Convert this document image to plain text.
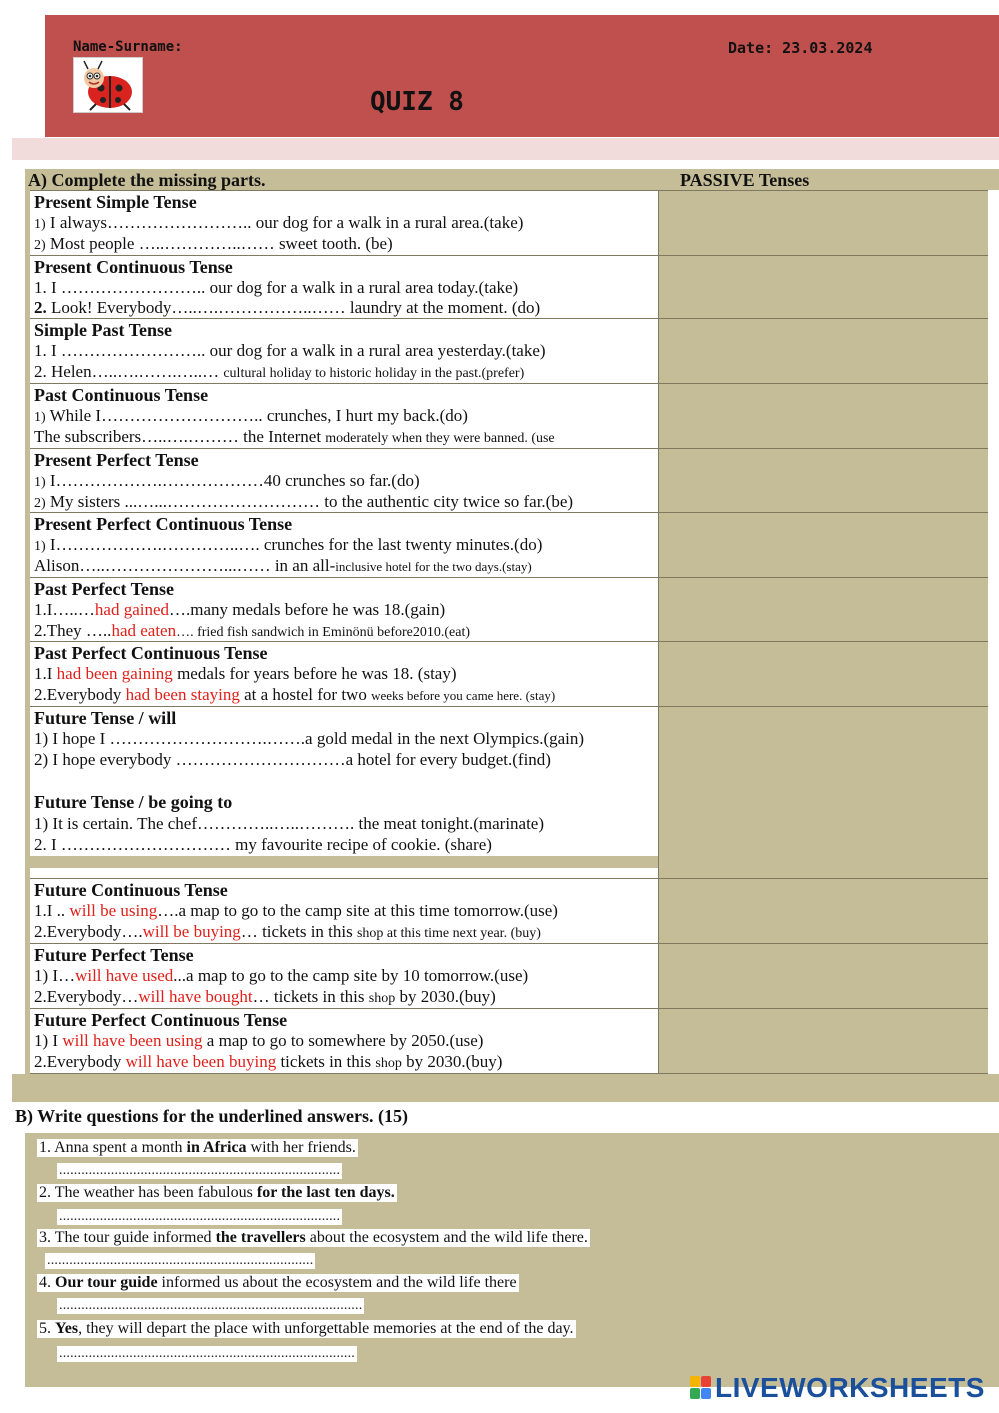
Name-Surname:	Date: 23.03.2024
QUIZ 8
A) Complete the missing parts.	PASSIVE Tenses
Present Simple Tense
1) I always…………………….. our dog for a walk in a rural area.(take)
2) Most people …..…………..…… sweet tooth. (be)
Present Continuous Tense
1. I …………………….. our dog for a walk in a rural area today.(take)
2. Look! Everybody…..….……………..…… laundry at the moment. (do)
Simple Past Tense
1. I …………………….. our dog for a walk in a rural area yesterday.(take)
2. Helen…..….…….…..… cultural holiday to historic holiday in the past.(prefer)
Past Continuous Tense
1) While I……………………….. crunches, I hurt my back.(do)
The subscribers…..….……… the Internet moderately when they were banned. (use
Present Perfect Tense
1) I……………….………………40 crunches so far.(do)
2) My sisters ...…...……………………… to the authentic city twice so far.(be)
Present Perfect Continuous Tense
1) I……………….…………..…. crunches for the last twenty minutes.(do)
Alison…..…………………...…… in an all-inclusive hotel for the two days.(stay)
Past Perfect Tense
1.I…..…had gained….many medals before he was 18.(gain)
2.They …..had eaten…. fried fish sandwich in Eminönü before2010.(eat)
Past Perfect Continuous Tense
1.I had been gaining medals for years before he was 18. (stay)
2.Everybody had been staying at a hostel for two weeks before you came here. (stay)
Future Tense / will
1) I hope I ……………………….…….a gold medal in the next Olympics.(gain)
2) I hope everybody …………………………a hotel for every budget.(find)
Future Tense / be going to
1) It is certain. The chef…………..…..………. the meat tonight.(marinate)
2. I ………………………… my favourite recipe of cookie. (share)
Future Continuous Tense
1.I .. will be using….a map to go to the camp site at this time tomorrow.(use)
2.Everybody….will be buying… tickets in this shop at this time next year. (buy)
Future Perfect Tense
1) I…will have used...a map to go to the camp site by 10 tomorrow.(use)
2.Everybody…will have bought… tickets in this shop by 2030.(buy)
Future Perfect Continuous Tense
1) I will have been using a map to go to somewhere by 2050.(use)
2.Everybody will have been buying tickets in this shop by 2030.(buy)
B) Write questions for the underlined answers. (15)
1. Anna spent a month in Africa with her friends.
............................................................................
2. The weather has been fabulous for the last ten days.
............................................................................
3. The tour guide informed the travellers about the ecosystem and the wild life there.
........................................................................
4. Our tour guide informed us about the ecosystem and the wild life there
..................................................................................
5. Yes, they will depart the place with unforgettable memories at the end of the day.
................................................................................
LIVEWORKSHEETS
